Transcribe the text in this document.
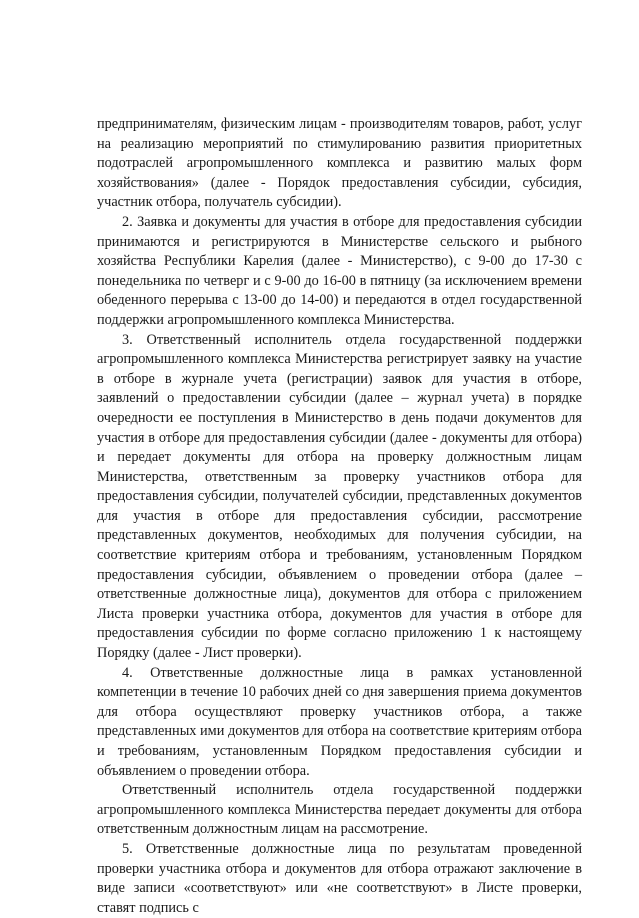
предпринимателям, физическим лицам - производителям товаров, работ, услуг на реализацию мероприятий по стимулированию развития приоритетных подотраслей агропромышленного комплекса и развитию малых форм хозяйствования» (далее - Порядок предоставления субсидии, субсидия, участник отбора, получатель субсидии).

2. Заявка и документы для участия в отборе для предоставления субсидии принимаются и регистрируются в Министерстве сельского и рыбного хозяйства Республики Карелия (далее - Министерство), с 9-00 до 17-30 с понедельника по четверг и с 9-00 до 16-00 в пятницу (за исключением времени обеденного перерыва с 13-00 до 14-00) и передаются в отдел государственной поддержки агропромышленного комплекса Министерства.

3. Ответственный исполнитель отдела государственной поддержки агропромышленного комплекса Министерства регистрирует заявку на участие в отборе в журнале учета (регистрации) заявок для участия в отборе, заявлений о предоставлении субсидии (далее – журнал учета) в порядке очередности ее поступления в Министерство в день подачи документов для участия в отборе для предоставления субсидии (далее - документы для отбора) и передает документы для отбора на проверку должностным лицам Министерства, ответственным за проверку участников отбора для предоставления субсидии, получателей субсидии, представленных документов для участия в отборе для предоставления субсидии, рассмотрение представленных документов, необходимых для получения субсидии, на соответствие критериям отбора и требованиям, установленным Порядком предоставления субсидии, объявлением о проведении отбора (далее – ответственные должностные лица), документов для отбора с приложением Листа проверки участника отбора, документов для участия в отборе для предоставления субсидии по форме согласно приложению 1 к настоящему Порядку (далее - Лист проверки).

4. Ответственные должностные лица в рамках установленной компетенции в течение 10 рабочих дней со дня завершения приема документов для отбора осуществляют проверку участников отбора, а также представленных ими документов для отбора на соответствие критериям отбора и требованиям, установленным Порядком предоставления субсидии и объявлением о проведении отбора.

Ответственный исполнитель отдела государственной поддержки агропромышленного комплекса Министерства передает документы для отбора ответственным должностным лицам на рассмотрение.

5. Ответственные должностные лица по результатам проведенной проверки участника отбора и документов для отбора отражают заключение в виде записи «соответствуют» или «не соответствуют» в Листе проверки, ставят подпись с
